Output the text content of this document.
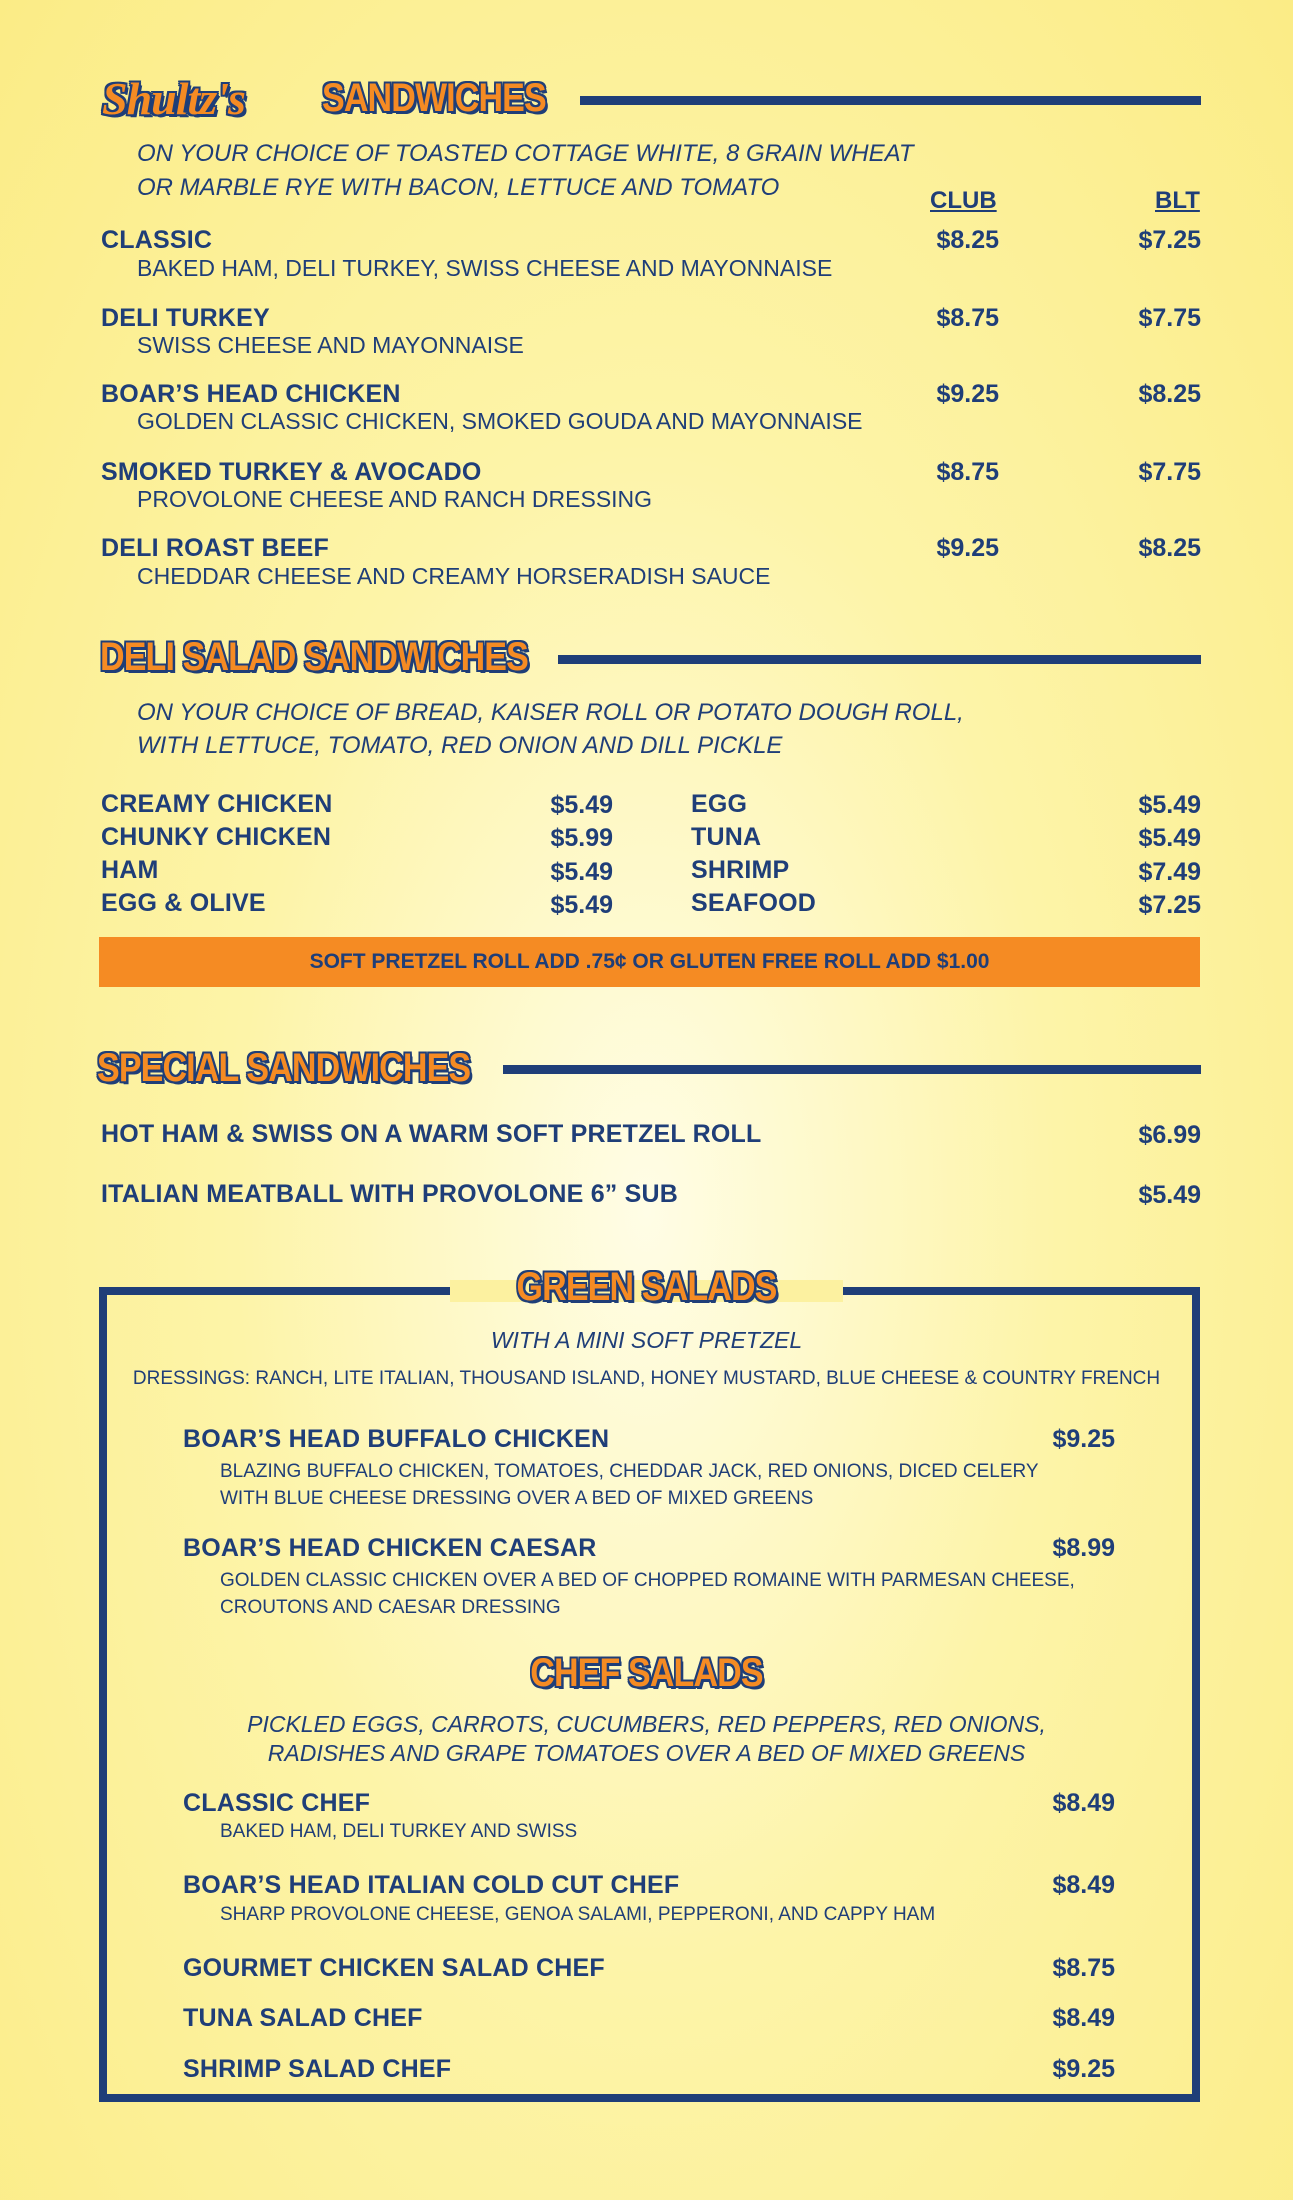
Shultz's SANDWICHES
ON YOUR CHOICE OF TOASTED COTTAGE WHITE, 8 GRAIN WHEAT
OR MARBLE RYE WITH BACON, LETTUCE AND TOMATO	CLUB	BLT
CLASSIC
BAKED HAM, DELI TURKEY, SWISS CHEESE AND MAYONNAISE
$8.25	$7.25
DELI TURKEY
SWISS CHEESE AND MAYONNAISE
$8.75	$7.75
BOAR’S HEAD CHICKEN
GOLDEN CLASSIC CHICKEN, SMOKED GOUDA AND MAYONNAISE
$9.25	$8.25
SMOKED TURKEY & AVOCADO
PROVOLONE CHEESE AND RANCH DRESSING
$8.75	$7.75
DELI ROAST BEEF
CHEDDAR CHEESE AND CREAMY HORSERADISH SAUCE
$9.25	$8.25
DELI SALAD SANDWICHES
ON YOUR CHOICE OF BREAD, KAISER ROLL OR POTATO DOUGH ROLL,
WITH LETTUCE, TOMATO, RED ONION AND DILL PICKLE
CREAMY CHICKEN	$5.49
CHUNKY CHICKEN	$5.99
HAM	$5.49
EGG & OLIVE	$5.49
EGG	$5.49
TUNA	$5.49
SHRIMP	$7.49
SEAFOOD	$7.25
SOFT PRETZEL ROLL ADD .75¢ OR GLUTEN FREE ROLL ADD $1.00
SPECIAL SANDWICHES
HOT HAM & SWISS ON A WARM SOFT PRETZEL ROLL	$6.99
ITALIAN MEATBALL WITH PROVOLONE 6” SUB	$5.49
GREEN SALADS
WITH A MINI SOFT PRETZEL
DRESSINGS: RANCH, LITE ITALIAN, THOUSAND ISLAND, HONEY MUSTARD, BLUE CHEESE & COUNTRY FRENCH
BOAR’S HEAD BUFFALO CHICKEN	$9.25
BLAZING BUFFALO CHICKEN, TOMATOES, CHEDDAR JACK, RED ONIONS, DICED CELERY
WITH BLUE CHEESE DRESSING OVER A BED OF MIXED GREENS
BOAR’S HEAD CHICKEN CAESAR	$8.99
GOLDEN CLASSIC CHICKEN OVER A BED OF CHOPPED ROMAINE WITH PARMESAN CHEESE,
CROUTONS AND CAESAR DRESSING
CHEF SALADS
PICKLED EGGS, CARROTS, CUCUMBERS, RED PEPPERS, RED ONIONS,
RADISHES AND GRAPE TOMATOES OVER A BED OF MIXED GREENS
CLASSIC CHEF	$8.49
BAKED HAM, DELI TURKEY AND SWISS
BOAR’S HEAD ITALIAN COLD CUT CHEF	$8.49
SHARP PROVOLONE CHEESE, GENOA SALAMI, PEPPERONI, AND CAPPY HAM
GOURMET CHICKEN SALAD CHEF	$8.75
TUNA SALAD CHEF	$8.49
SHRIMP SALAD CHEF	$9.25
